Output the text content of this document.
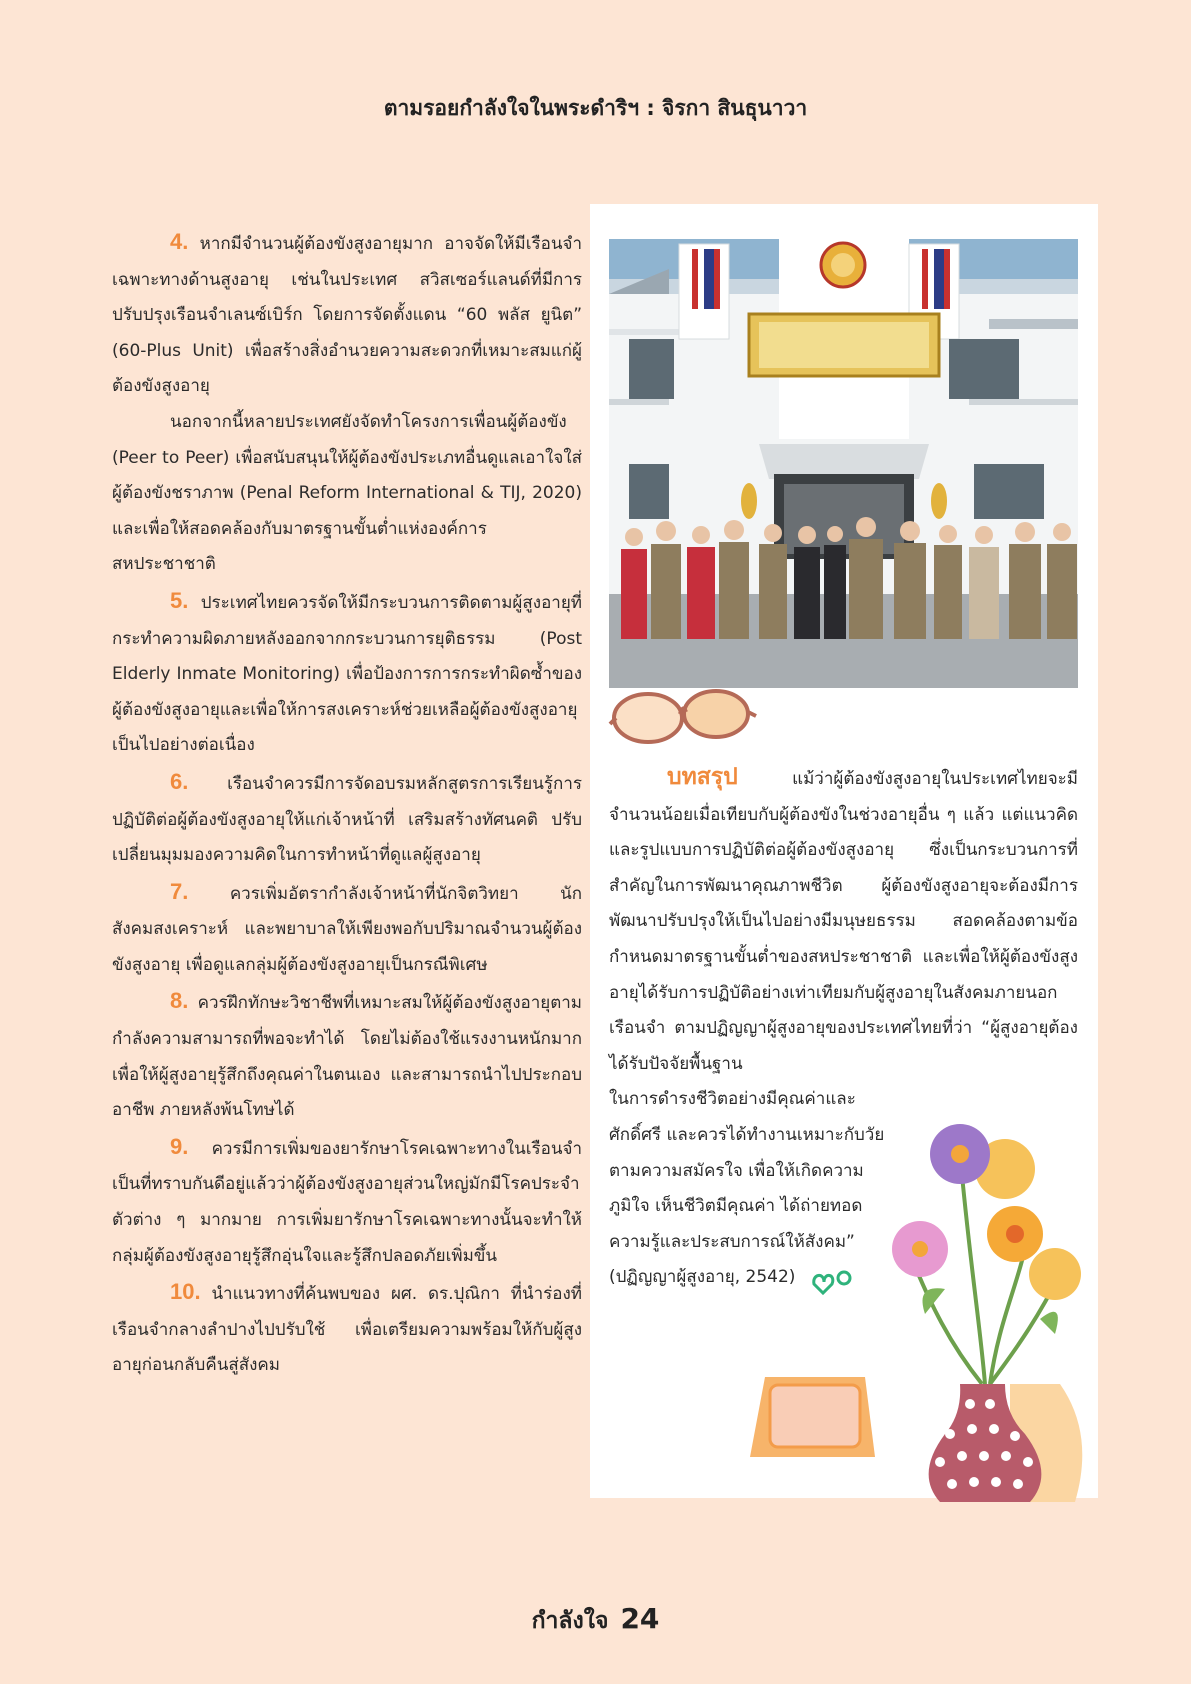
ตามรอยกำลังใจในพระดำริฯ : จิรกา สินธุนาวา

4. หากมีจำนวนผู้ต้องขังสูงอายุมาก อาจจัดให้มีเรือนจำเฉพาะทางด้านสูงอายุ เช่นในประเทศ สวิสเซอร์แลนด์ที่มีการปรับปรุงเรือนจำเลนซ์เบิร์ก โดยการจัดตั้งแดน “60 พลัส ยูนิต” (60-Plus Unit) เพื่อสร้างสิ่งอำนวยความสะดวกที่เหมาะสมแก่ผู้ต้องขังสูงอายุ

นอกจากนี้หลายประเทศยังจัดทำโครงการเพื่อนผู้ต้องขัง (Peer to Peer) เพื่อสนับสนุนให้ผู้ต้องขังประเภทอื่นดูแลเอาใจใส่ผู้ต้องขังชราภาพ (Penal Reform International & TIJ, 2020) และเพื่อให้สอดคล้องกับมาตรฐานขั้นต่ำแห่งองค์การสหประชาชาติ

5. ประเทศไทยควรจัดให้มีกระบวนการติดตามผู้สูงอายุที่กระทำความผิดภายหลังออกจากกระบวนการยุติธรรม (Post Elderly Inmate Monitoring) เพื่อป้องการการกระทำผิดซ้ำของผู้ต้องขังสูงอายุและเพื่อให้การสงเคราะห์ช่วยเหลือผู้ต้องขังสูงอายุเป็นไปอย่างต่อเนื่อง

6. เรือนจำควรมีการจัดอบรมหลักสูตรการเรียนรู้การปฏิบัติต่อผู้ต้องขังสูงอายุให้แก่เจ้าหน้าที่ เสริมสร้างทัศนคติ ปรับเปลี่ยนมุมมองความคิดในการทำหน้าที่ดูแลผู้สูงอายุ

7. ควรเพิ่มอัตรากำลังเจ้าหน้าที่นักจิตวิทยา นักสังคมสงเคราะห์ และพยาบาลให้เพียงพอกับปริมาณจำนวนผู้ต้องขังสูงอายุ เพื่อดูแลกลุ่มผู้ต้องขังสูงอายุเป็นกรณีพิเศษ

8. ควรฝึกทักษะวิชาชีพที่เหมาะสมให้ผู้ต้องขังสูงอายุตามกำลังความสามารถที่พอจะทำได้ โดยไม่ต้องใช้แรงงานหนักมาก เพื่อให้ผู้สูงอายุรู้สึกถึงคุณค่าในตนเอง และสามารถนำไปประกอบอาชีพ ภายหลังพ้นโทษได้

9. ควรมีการเพิ่มของยารักษาโรคเฉพาะทางในเรือนจำ เป็นที่ทราบกันดีอยู่แล้วว่าผู้ต้องขังสูงอายุส่วนใหญ่มักมีโรคประจำตัวต่าง ๆ มากมาย การเพิ่มยารักษาโรคเฉพาะทางนั้นจะทำให้กลุ่มผู้ต้องขังสูงอายุรู้สึกอุ่นใจและรู้สึกปลอดภัยเพิ่มขึ้น

10. นำแนวทางที่ค้นพบของ ผศ. ดร.ปุณิกา ที่นำร่องที่เรือนจำกลางลำปางไปปรับใช้ เพื่อเตรียมความพร้อมให้กับผู้สูงอายุก่อนกลับคืนสู่สังคม

บทสรุป	แม้ว่าผู้ต้องขังสูงอายุในประเทศไทยจะมีจำนวนน้อยเมื่อเทียบกับผู้ต้องขังในช่วงอายุอื่น ๆ แล้ว แต่แนวคิดและรูปแบบการปฏิบัติต่อผู้ต้องขังสูงอายุ ซึ่งเป็นกระบวนการที่สำคัญในการพัฒนาคุณภาพชีวิต ผู้ต้องขังสูงอายุจะต้องมีการพัฒนาปรับปรุงให้เป็นไปอย่างมีมนุษยธรรม สอดคล้องตามข้อกำหนดมาตรฐานขั้นต่ำของสหประชาชาติ และเพื่อให้ผู้ต้องขังสูงอายุได้รับการปฏิบัติอย่างเท่าเทียมกับผู้สูงอายุในสังคมภายนอกเรือนจำ ตามปฏิญญาผู้สูงอายุของประเทศไทยที่ว่า “ผู้สูงอายุต้องได้รับปัจจัยพื้นฐาน

ในการดำรงชีวิตอย่างมีคุณค่าและศักดิ์ศรี และควรได้ทำงานเหมาะกับวัยตามความสมัครใจ เพื่อให้เกิดความภูมิใจ เห็นชีวิตมีคุณค่า ได้ถ่ายทอดความรู้และประสบการณ์ให้สังคม”

(ปฏิญญาผู้สูงอายุ, 2542)

กำลังใจ 24
